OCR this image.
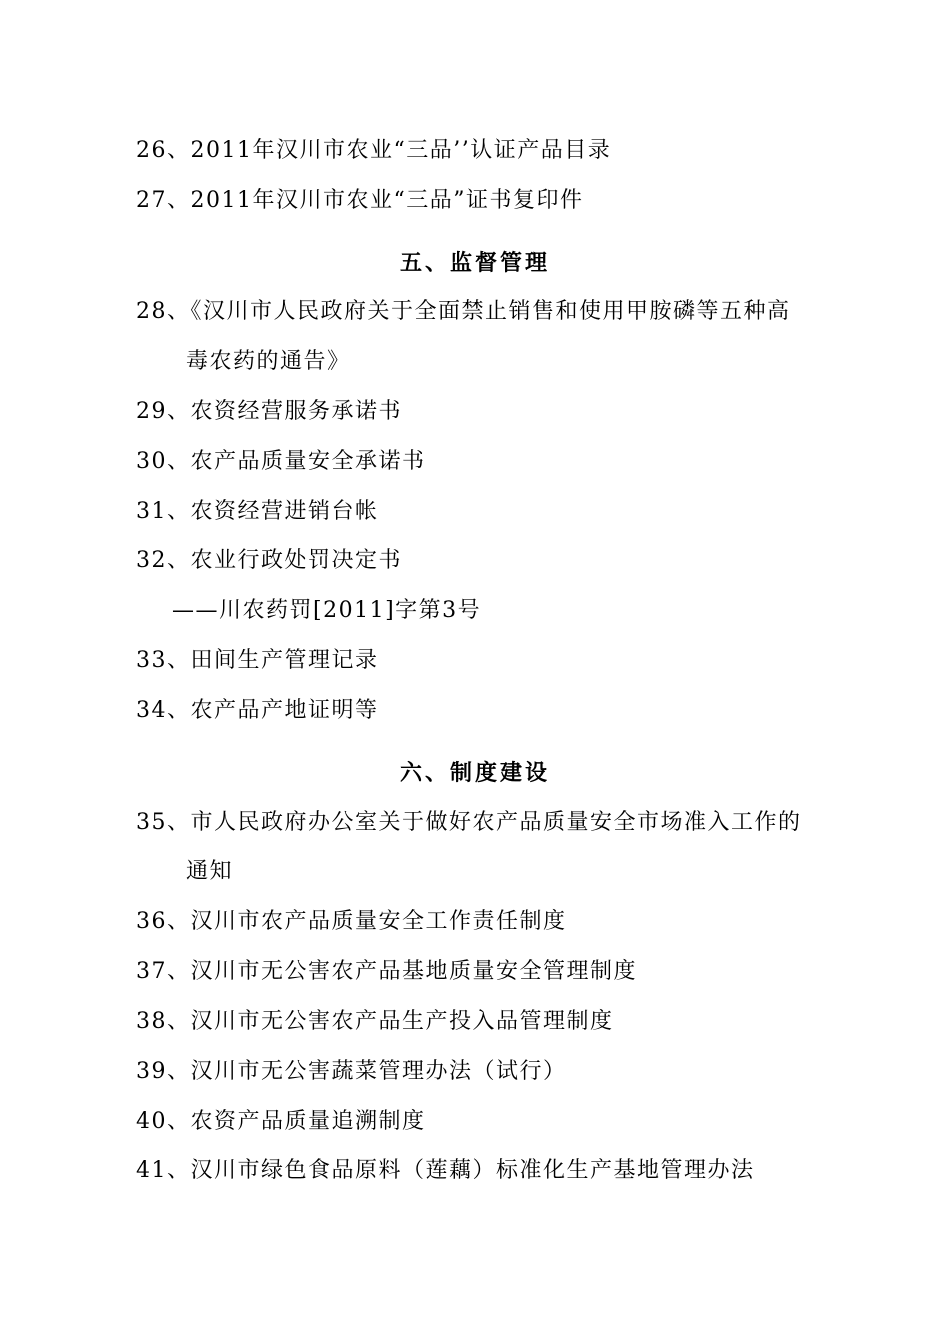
26、2011年汉川市农业“三品’’认证产品目录
27、2011年汉川市农业“三品”证书复印件
五、监督管理
28、《汉川市人民政府关于全面禁止销售和使用甲胺磷等五种高
毒农药的通告》
29、农资经营服务承诺书
30、农产品质量安全承诺书
31、农资经营进销台帐
32、农业行政处罚决定书
——川农药罚[2011]字第3号
33、田间生产管理记录
34、农产品产地证明等
六、制度建设
35、市人民政府办公室关于做好农产品质量安全市场准入工作的
通知
36、汉川市农产品质量安全工作责任制度
37、汉川市无公害农产品基地质量安全管理制度
38、汉川市无公害农产品生产投入品管理制度
39、汉川市无公害蔬菜管理办法（试行）
40、农资产品质量追溯制度
41、汉川市绿色食品原料（莲藕）标准化生产基地管理办法
